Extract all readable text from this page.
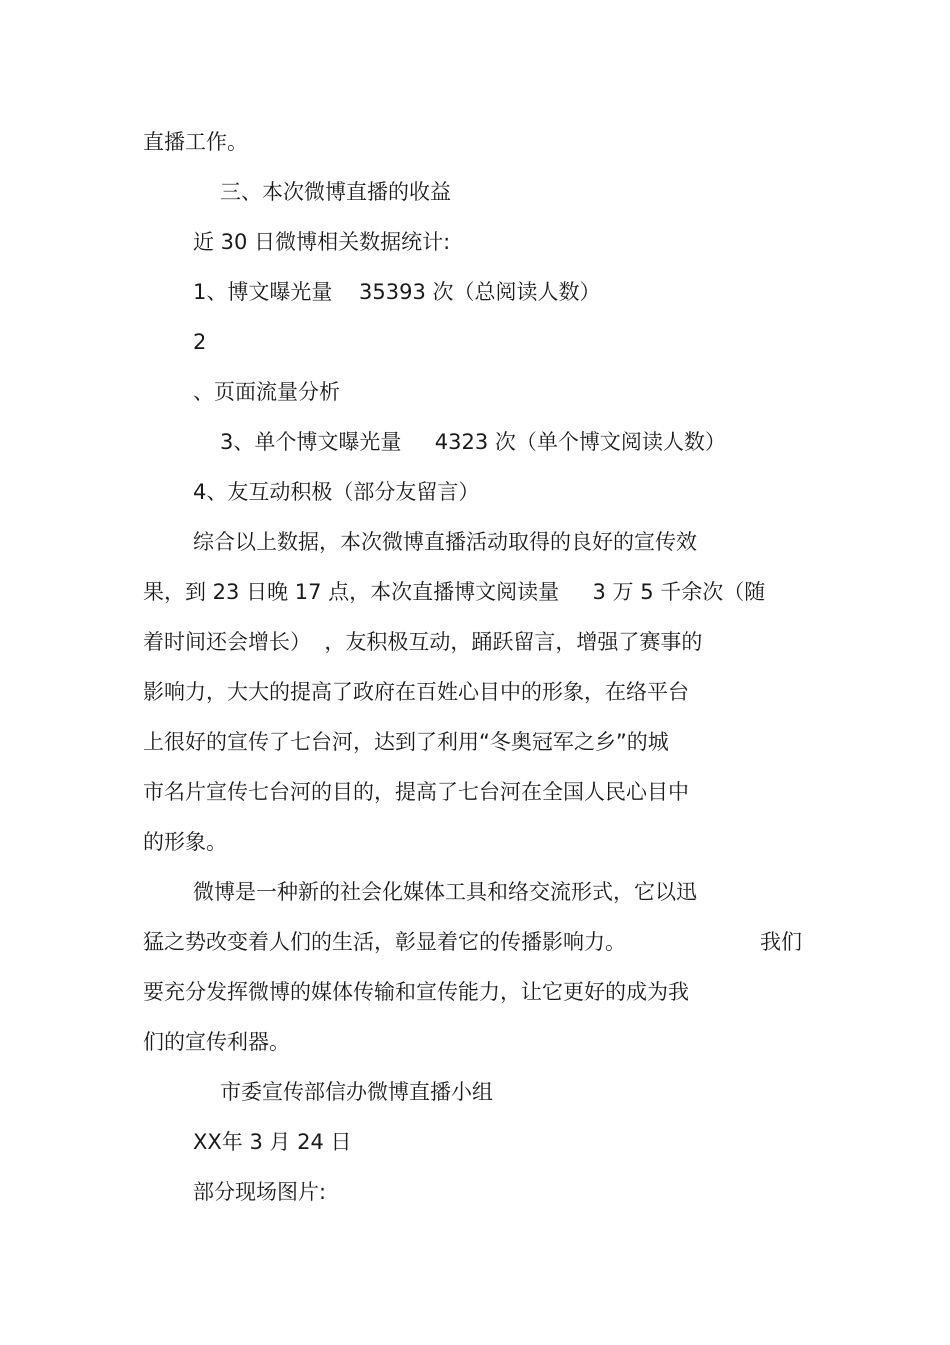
直播工作。
三、本次微博直播的收益
近 30 日微博相关数据统计:
1、博文曝光量    35393 次（总阅读人数）
2
、页面流量分析
3、单个博文曝光量     4323 次（单个博文阅读人数）
4、友互动积极（部分友留言）
综合以上数据，本次微博直播活动取得的良好的宣传效
果，到 23 日晚 17 点，本次直播博文阅读量     3 万 5 千余次（随
着时间还会增长）  ，友积极互动，踊跃留言，增强了赛事的
影响力，大大的提高了政府在百姓心目中的形象，在络平台
上很好的宣传了七台河，达到了利用“冬奥冠军之乡”的城
市名片宣传七台河的目的，提高了七台河在全国人民心目中
的形象。
微博是一种新的社会化媒体工具和络交流形式，它以迅
猛之势改变着人们的生活，彰显着它的传播影响力。	我们
要充分发挥微博的媒体传输和宣传能力，让它更好的成为我
们的宣传利器。
市委宣传部信办微博直播小组
XX年 3 月 24 日
部分现场图片:
